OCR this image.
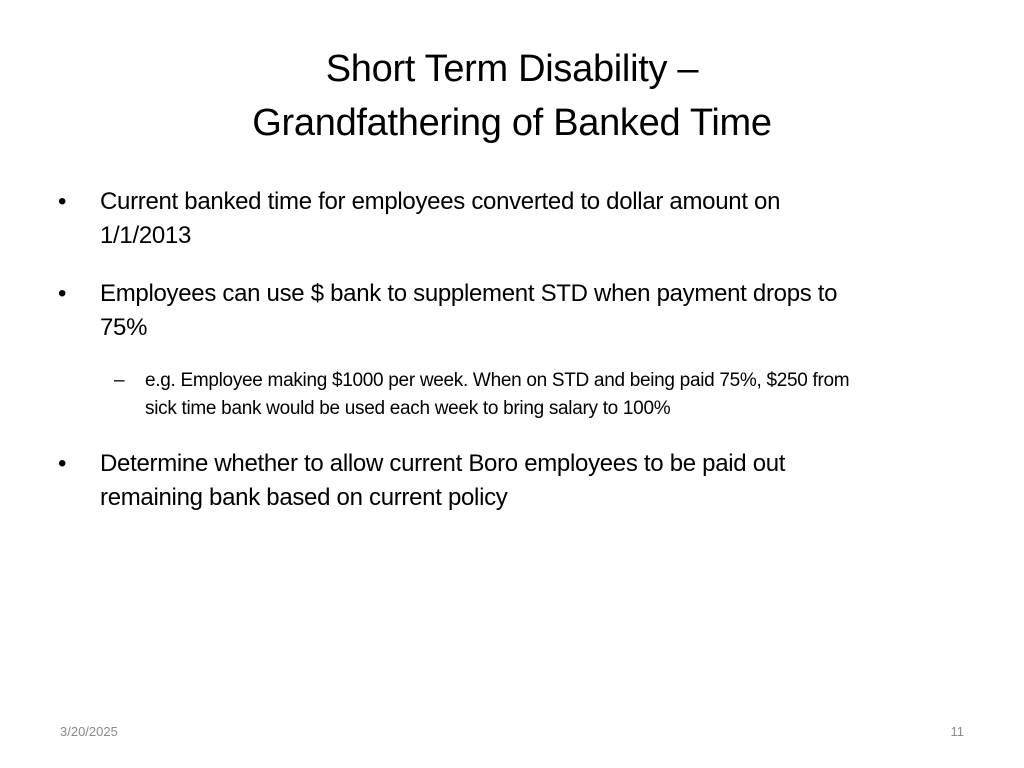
Short Term Disability –
Grandfathering of Banked Time
• Current banked time for employees converted to dollar amount on
1/1/2013
• Employees can use $ bank to supplement STD when payment drops to
75%
– e.g. Employee making $1000 per week. When on STD and being paid 75%, $250 from
sick time bank would be used each week to bring salary to 100%
• Determine whether to allow current Boro employees to be paid out
remaining bank based on current policy
3/20/2025	11
